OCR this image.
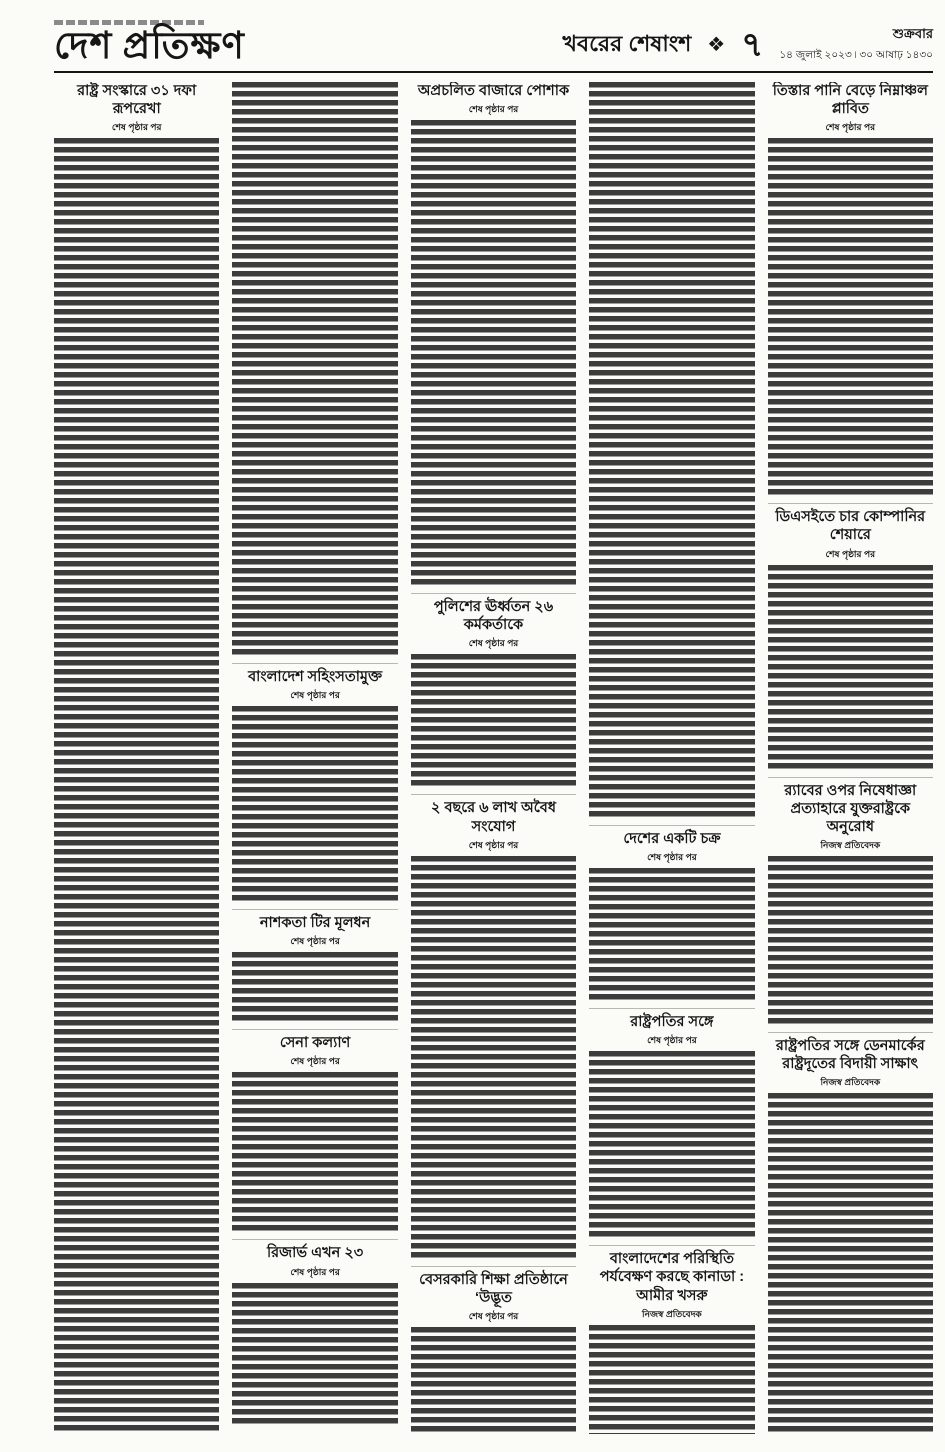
দেশ প্রতিক্ষণ	খবরের শেষাংশ ❖ ৭	শুক্রবার
১৪ জুলাই ২০২৩ ৷ ৩০ আষাঢ় ১৪৩০
রাষ্ট্র সংস্কারে ৩১ দফা রূপরেখা
শেষ পৃষ্ঠার পর
বাংলাদেশ সহিংসতামুক্ত
শেষ পৃষ্ঠার পর
নাশকতা টির মূলধন
শেষ পৃষ্ঠার পর
সেনা কল্যাণ
শেষ পৃষ্ঠার পর
রিজার্ভ এখন ২৩
শেষ পৃষ্ঠার পর
অপ্রচলিত বাজারে পোশাক
শেষ পৃষ্ঠার পর
পুলিশের ঊর্ধ্বতন ২৬ কর্মকর্তাকে
শেষ পৃষ্ঠার পর
২ বছরে ৬ লাখ অবৈধ সংযোগ
শেষ পৃষ্ঠার পর
বেসরকারি শিক্ষা প্রতিষ্ঠানে ‘উদ্ভূত
শেষ পৃষ্ঠার পর
দেশের একটি চক্র
শেষ পৃষ্ঠার পর
রাষ্ট্রপতির সঙ্গে
শেষ পৃষ্ঠার পর
বাংলাদেশের পরিস্থিতি পর্যবেক্ষণ করছে কানাডা : আমীর খসরু
নিজস্ব প্রতিবেদক
তিস্তার পানি বেড়ে নিম্নাঞ্চল প্লাবিত
শেষ পৃষ্ঠার পর
ডিএসইতে চার কোম্পানির শেয়ারে
শেষ পৃষ্ঠার পর
র‌্যাবের ওপর নিষেধাজ্ঞা প্রত্যাহারে যুক্তরাষ্ট্রকে অনুরোধ
নিজস্ব প্রতিবেদক
রাষ্ট্রপতির সঙ্গে ডেনমার্কের রাষ্ট্রদূতের বিদায়ী সাক্ষাৎ
নিজস্ব প্রতিবেদক
